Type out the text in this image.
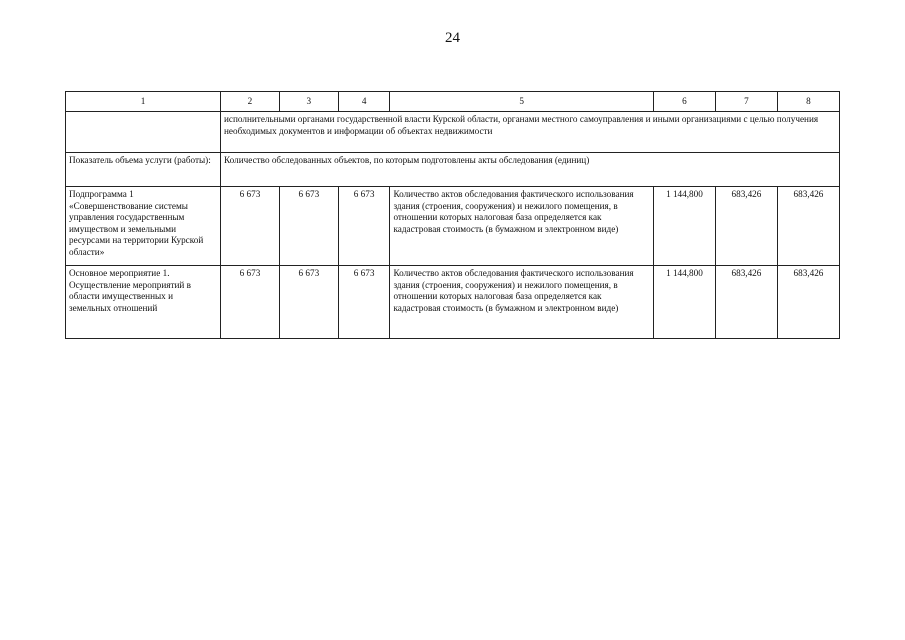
24
1	2	3	4	5	6	7	8
	исполнительными органами государственной власти Курской области, органами местного самоуправления и иными организациями с целью получения необходимых документов и информации об объектах недвижимости						
Показатель объема услуги (работы):	Количество обследованных объектов, по которым подготовлены акты обследования (единиц)						
Подпрограмма 1 «Совершенствование системы управления государственным имуществом и земельными ресурсами на территории Курской области»	6 673	6 673	6 673	Количество актов обследования фактического использования здания (строения, сооружения) и нежилого помещения, в отношении которых налоговая база определяется как кадастровая стоимость (в бумажном и электронном виде)	1 144,800	683,426	683,426
Основное мероприятие 1. Осуществление мероприятий в области имущественных и земельных отношений	6 673	6 673	6 673	Количество актов обследования фактического использования здания (строения, сооружения) и нежилого помещения, в отношении которых налоговая база определяется как кадастровая стоимость (в бумажном и электронном виде)	1 144,800	683,426	683,426
